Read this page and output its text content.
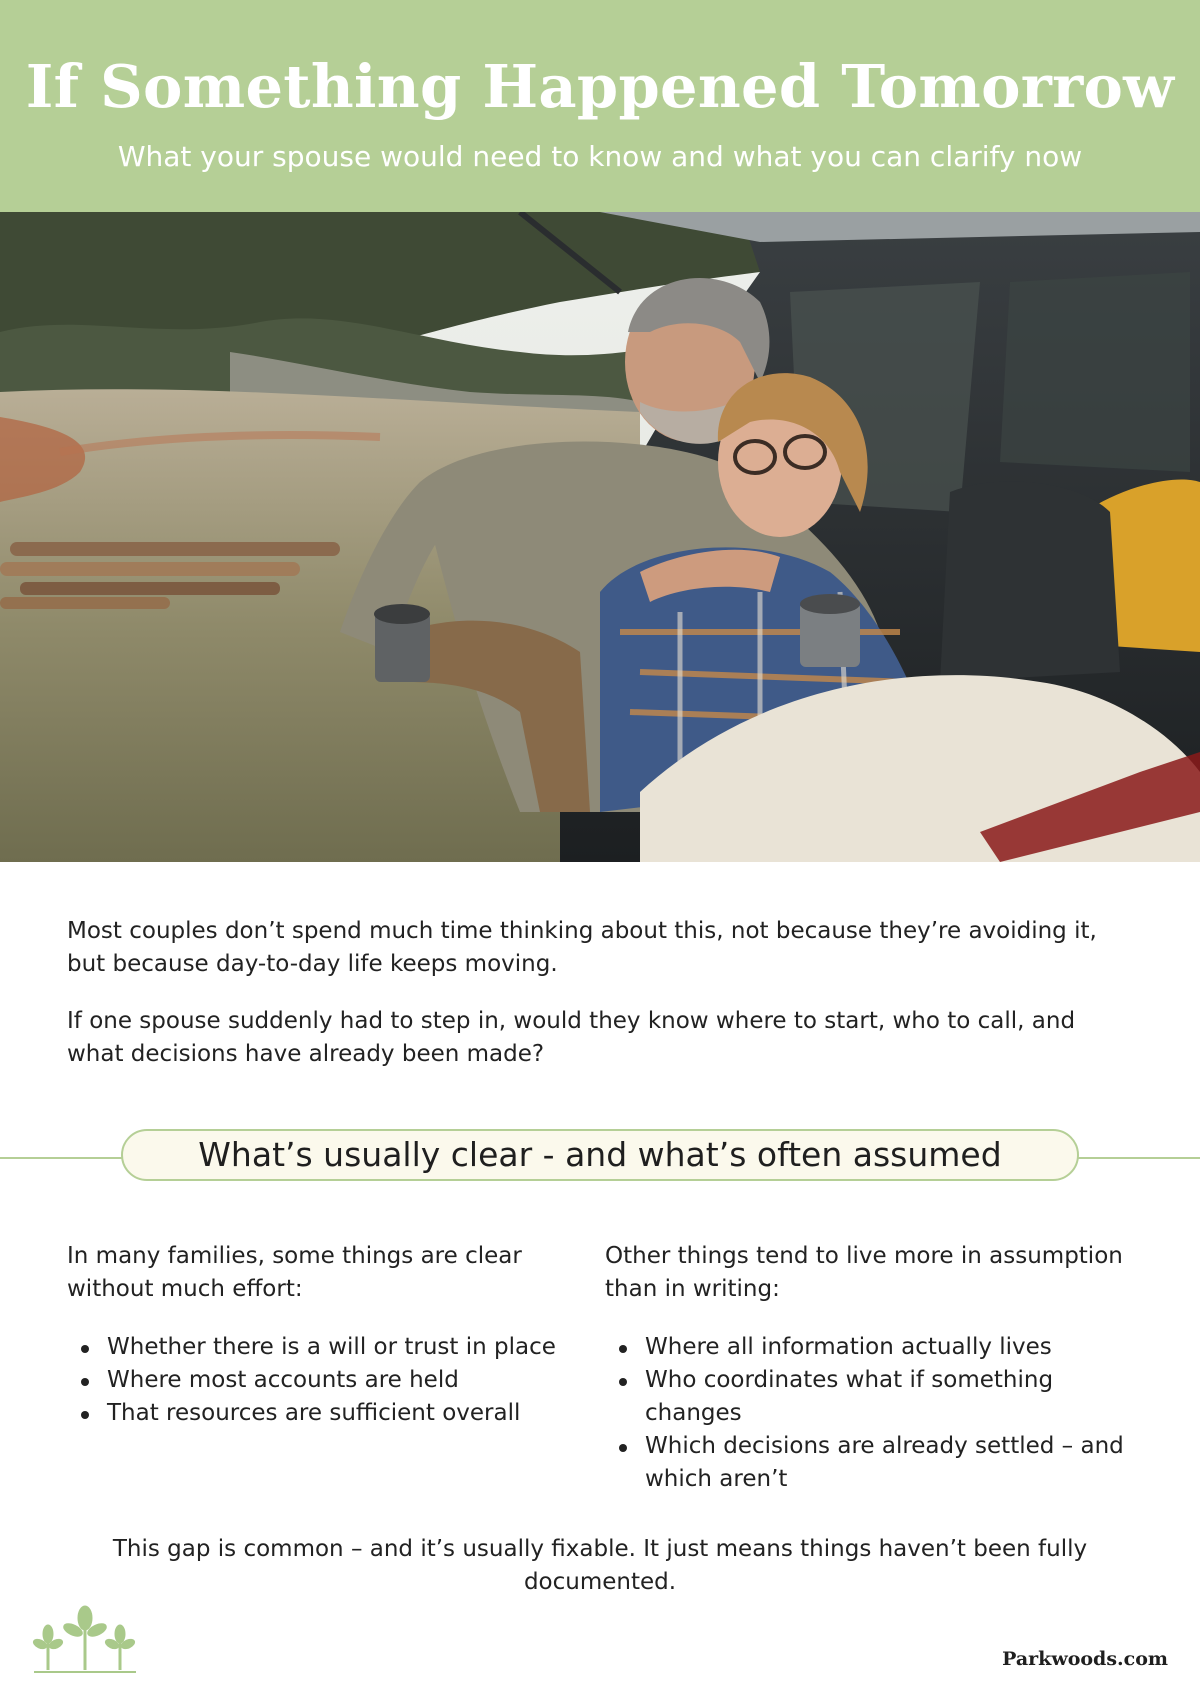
If Something Happened Tomorrow
What your spouse would need to know and what you can clarify now

Most couples don’t spend much time thinking about this, not because they’re avoiding it, but because day-to-day life keeps moving.

If one spouse suddenly had to step in, would they know where to start, who to call, and what decisions have already been made?

What’s usually clear - and what’s often assumed

In many families, some things are clear without much effort:

Whether there is a will or trust in place
Where most accounts are held
That resources are sufficient overall

Other things tend to live more in assumption than in writing:

Where all information actually lives
Who coordinates what if something changes
Which decisions are already settled – and which aren’t

This gap is common – and it’s usually fixable. It just means things haven’t been fully documented.

Parkwoods.com
